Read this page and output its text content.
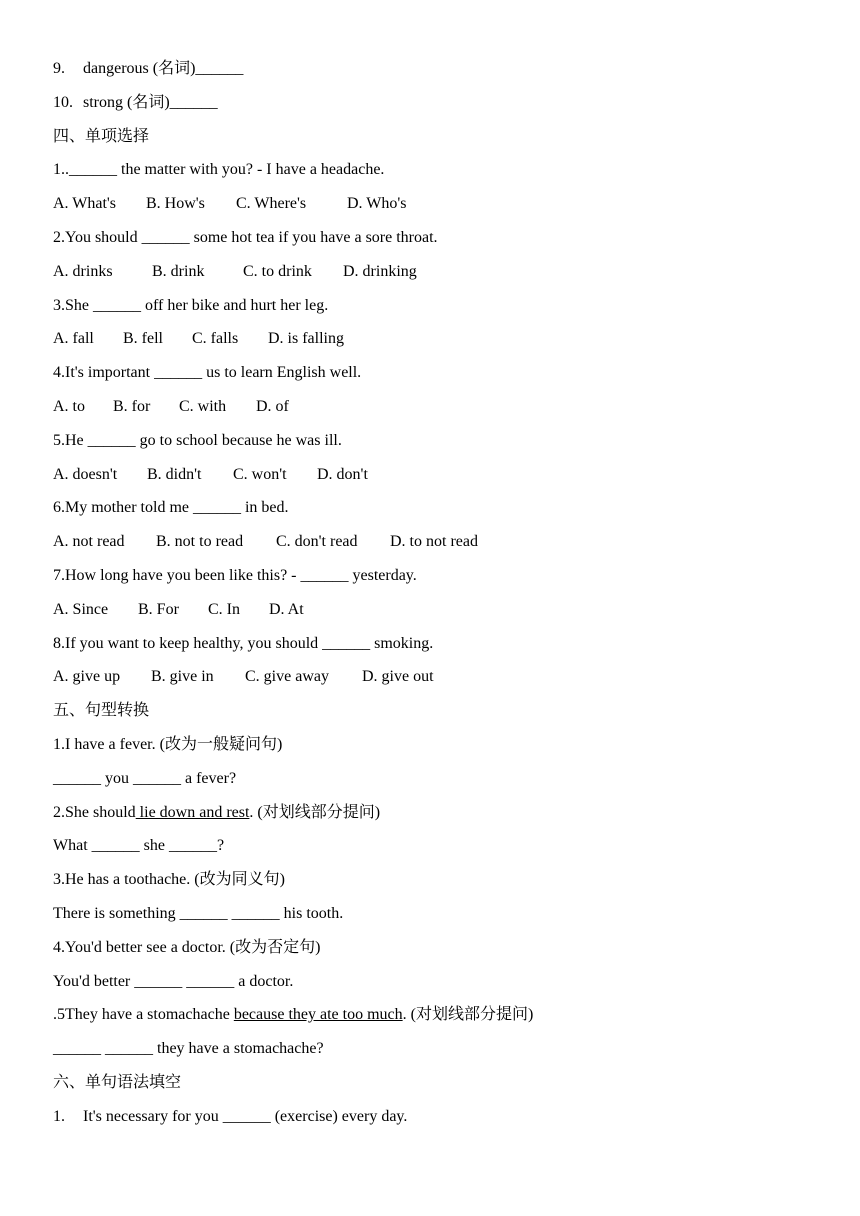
9. dangerous (名词)______
10. strong (名词)______
四、单项选择
1..______ the matter with you? - I have a headache.
A. What's B. How's C. Where's	D. Who's
2.You should ______ some hot tea if you have a sore throat.
A. drinks B. drink C. to drink D. drinking
3.She ______ off her bike and hurt her leg.
A. fall B. fell C. falls D. is falling
4.It's important ______ us to learn English well.
A. to B. for C. with D. of
5.He ______ go to school because he was ill.
A. doesn't B. didn't C. won't D. don't
6.My mother told me ______ in bed.
A. not read B. not to read C. don't read D. to not read
7.How long have you been like this? - ______ yesterday.
A. Since B. For C. In D. At
8.If you want to keep healthy, you should ______ smoking.
A. give up B. give in C. give away D. give out
五、句型转换
1.I have a fever. (改为一般疑问句)
______ you ______ a fever?
2.She should lie down and rest. (对划线部分提问)
What ______ she ______?
3.He has a toothache. (改为同义句)
There is something ______ ______ his tooth.
4.You'd better see a doctor. (改为否定句)
You'd better ______ ______ a doctor.
.5They have a stomachache because they ate too much. (对划线部分提问)
______ ______ they have a stomachache?
六、单句语法填空
1. It's necessary for you ______ (exercise) every day.
